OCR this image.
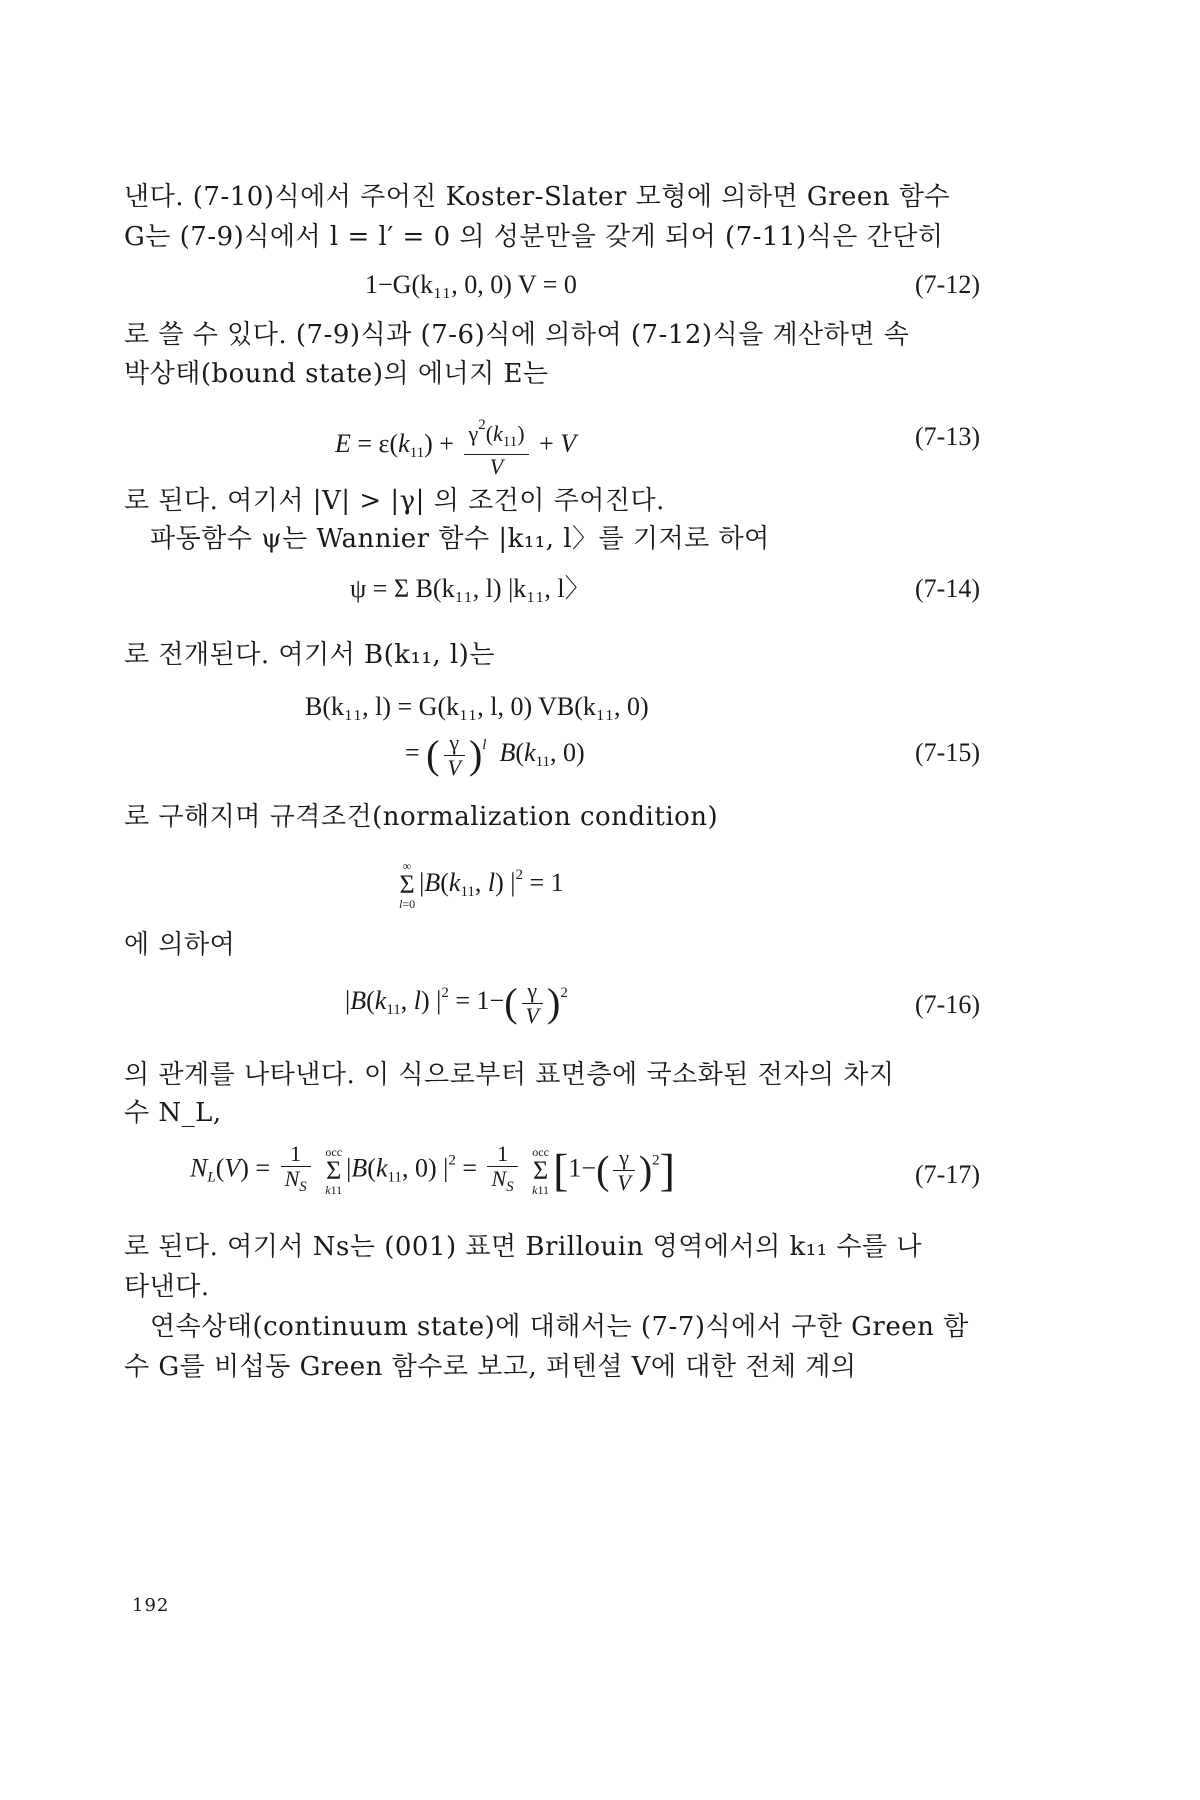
낸다. (7-10)식에서 주어진 Koster-Slater 모형에 의하면 Green 함수
G는 (7-9)식에서 l = l′ = 0 의 성분만을 갖게 되어 (7-11)식은 간단히
1−G(k₁₁, 0, 0) V = 0	(7-12)
로 쓸 수 있다. (7-9)식과 (7-6)식에 의하여 (7-12)식을 계산하면 속
박상태(bound state)의 에너지 E는
$E = \varepsilon(k_{11}) + \frac{\gamma^2(k_{11})}{V} + V$	(7-13)
로 된다. 여기서 |V| > |γ| 의 조건이 주어진다.
파동함수 ψ는 Wannier 함수 |k₁₁, l〉를 기저로 하여
ψ = Σ B(k₁₁, l) |k₁₁, l〉	(7-14)
로 전개된다. 여기서 B(k₁₁, l)는
B(k₁₁, l) = G(k₁₁, l, 0) VB(k₁₁, 0)
= ( $\frac{\gamma}{V} )^l$ $B(k_{11}$, 0)	(7-15)
로 구해지며 규격조건(normalization condition)
∞
Σ
l=0
$|B(k_{11}$, l) $|^2 = 1$
에 의하여
$|B(k_{11}$, l) $|^2 = 1-( \frac{\gamma}{V} )^2$	(7-16)
의 관계를 나타낸다. 이 식으로부터 표면층에 국소화된 전자의 차지
수 N_L,
$N_L(V) = \frac{1}{N_S}$
occ
Σ
k11
$|B(k_{11}$, 0) $|^2 = \frac{1}{N_S}$
occ
Σ
k11 $[1-( \frac{\gamma}{V} )^2]$	(7-17)
로 된다. 여기서 Ns는 (001) 표면 Brillouin 영역에서의 k₁₁ 수를 나
타낸다.
연속상태(continuum state)에 대해서는 (7-7)식에서 구한 Green 함
수 G를 비섭동 Green 함수로 보고, 퍼텐셜 V에 대한 전체 계의
192
